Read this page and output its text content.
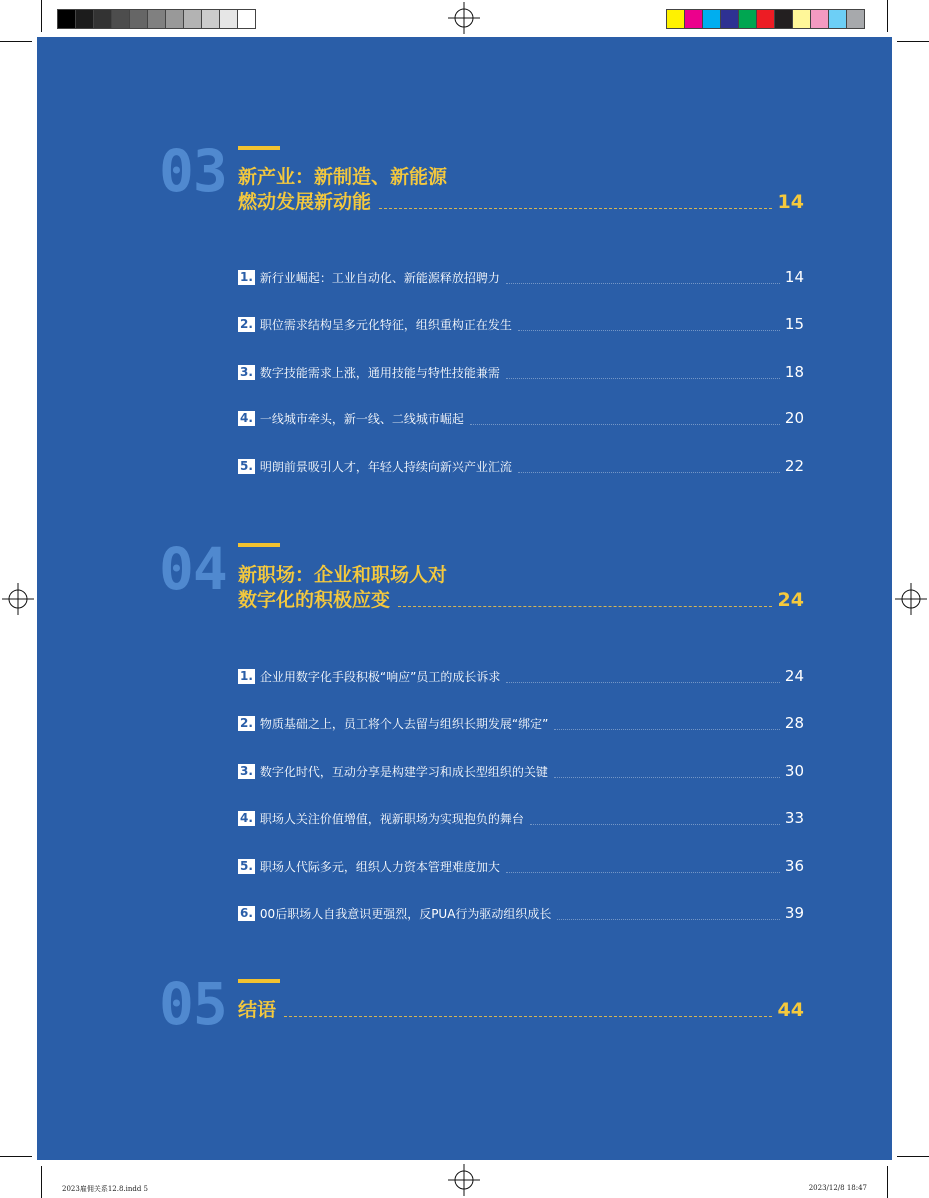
03 新产业：新制造、新能源
燃动发展新动能	14
1. 新行业崛起：工业自动化、新能源释放招聘力	14
2. 职位需求结构呈多元化特征，组织重构正在发生	15
3. 数字技能需求上涨，通用技能与特性技能兼需	18
4. 一线城市牵头，新一线、二线城市崛起	20
5. 明朗前景吸引人才，年轻人持续向新兴产业汇流	22
04 新职场：企业和职场人对
数字化的积极应变	24
1. 企业用数字化手段积极“响应”员工的成长诉求	24
2. 物质基础之上，员工将个人去留与组织长期发展“绑定”	28
3. 数字化时代，互动分享是构建学习和成长型组织的关键	30
4. 职场人关注价值增值，视新职场为实现抱负的舞台	33
5. 职场人代际多元，组织人力资本管理难度加大	36
6. 00后职场人自我意识更强烈，反PUA行为驱动组织成长	39
05 结语	44
2023雇佣关系12.8.indd 5	2023/12/8 18:47
